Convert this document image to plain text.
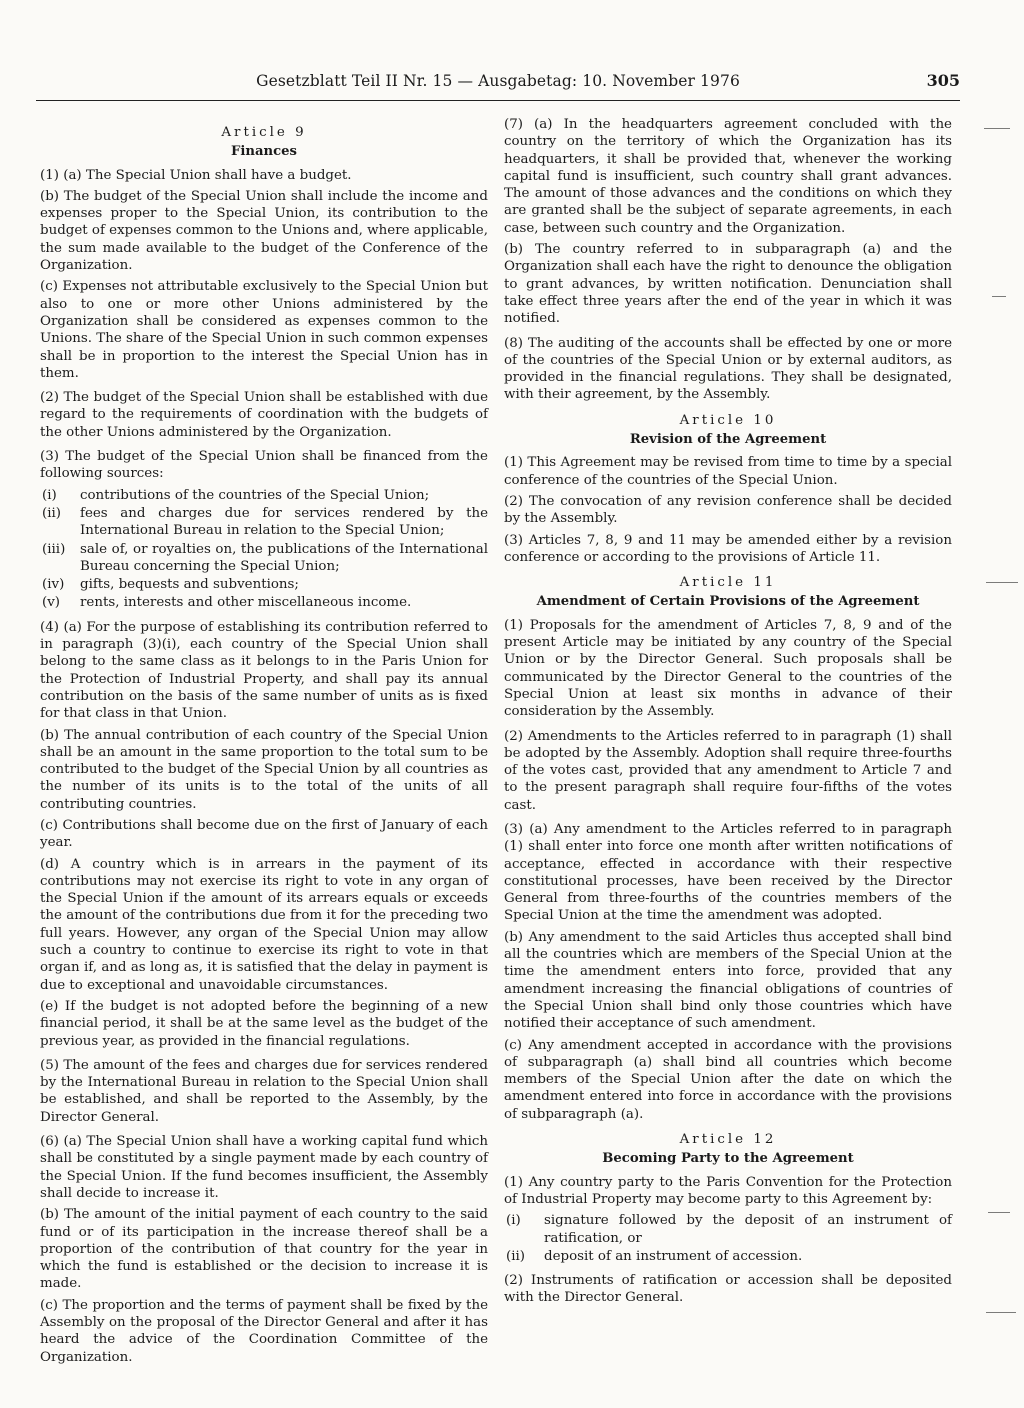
Gesetzblatt Teil II Nr. 15 — Ausgabetag: 10. November 1976	305
Article 9
Finances

(1) (a) The Special Union shall have a budget.

(b) The budget of the Special Union shall include the income and expenses proper to the Special Union, its contribution to the budget of expenses common to the Unions and, where applicable, the sum made available to the budget of the Conference of the Organization.

(c) Expenses not attributable exclusively to the Special Union but also to one or more other Unions administered by the Organization shall be considered as expenses common to the Unions. The share of the Special Union in such common expenses shall be in proportion to the interest the Special Union has in them.

(2) The budget of the Special Union shall be established with due regard to the requirements of coordination with the budgets of the other Unions administered by the Organization.

(3) The budget of the Special Union shall be financed from the following sources:

(i)	contributions of the countries of the Special Union;
(ii)	fees and charges due for services rendered by the International Bureau in relation to the Special Union;
(iii)	sale of, or royalties on, the publications of the International Bureau concerning the Special Union;
(iv)	gifts, bequests and subventions;
(v)	rents, interests and other miscellaneous income.

(4) (a) For the purpose of establishing its contribution referred to in paragraph (3)(i), each country of the Special Union shall belong to the same class as it belongs to in the Paris Union for the Protection of Industrial Property, and shall pay its annual contribution on the basis of the same number of units as is fixed for that class in that Union.

(b) The annual contribution of each country of the Special Union shall be an amount in the same proportion to the total sum to be contributed to the budget of the Special Union by all countries as the number of its units is to the total of the units of all contributing countries.

(c) Contributions shall become due on the first of January of each year.

(d) A country which is in arrears in the payment of its contributions may not exercise its right to vote in any organ of the Special Union if the amount of its arrears equals or exceeds the amount of the contributions due from it for the preceding two full years. However, any organ of the Special Union may allow such a country to continue to exercise its right to vote in that organ if, and as long as, it is satisfied that the delay in payment is due to exceptional and unavoidable circumstances.

(e) If the budget is not adopted before the beginning of a new financial period, it shall be at the same level as the budget of the previous year, as provided in the financial regulations.

(5) The amount of the fees and charges due for services rendered by the International Bureau in relation to the Special Union shall be established, and shall be reported to the Assembly, by the Director General.

(6) (a) The Special Union shall have a working capital fund which shall be constituted by a single payment made by each country of the Special Union. If the fund becomes insufficient, the Assembly shall decide to increase it.

(b) The amount of the initial payment of each country to the said fund or of its participation in the increase thereof shall be a proportion of the contribution of that country for the year in which the fund is established or the decision to increase it is made.

(c) The proportion and the terms of payment shall be fixed by the Assembly on the proposal of the Director General and after it has heard the advice of the Coordination Committee of the Organization.

(7) (a) In the headquarters agreement concluded with the country on the territory of which the Organization has its headquarters, it shall be provided that, whenever the working capital fund is insufficient, such country shall grant advances. The amount of those advances and the conditions on which they are granted shall be the subject of separate agreements, in each case, between such country and the Organization.

(b) The country referred to in subparagraph (a) and the Organization shall each have the right to denounce the obligation to grant advances, by written notification. Denunciation shall take effect three years after the end of the year in which it was notified.

(8) The auditing of the accounts shall be effected by one or more of the countries of the Special Union or by external auditors, as provided in the financial regulations. They shall be designated, with their agreement, by the Assembly.

Article 10
Revision of the Agreement

(1) This Agreement may be revised from time to time by a special conference of the countries of the Special Union.

(2) The convocation of any revision conference shall be decided by the Assembly.

(3) Articles 7, 8, 9 and 11 may be amended either by a revision conference or according to the provisions of Article 11.

Article 11
Amendment of Certain Provisions of the Agreement

(1) Proposals for the amendment of Articles 7, 8, 9 and of the present Article may be initiated by any country of the Special Union or by the Director General. Such proposals shall be communicated by the Director General to the countries of the Special Union at least six months in advance of their consideration by the Assembly.

(2) Amendments to the Articles referred to in paragraph (1) shall be adopted by the Assembly. Adoption shall require three-fourths of the votes cast, provided that any amendment to Article 7 and to the present paragraph shall require four-fifths of the votes cast.

(3) (a) Any amendment to the Articles referred to in paragraph (1) shall enter into force one month after written notifications of acceptance, effected in accordance with their respective constitutional processes, have been received by the Director General from three-fourths of the countries members of the Special Union at the time the amendment was adopted.

(b) Any amendment to the said Articles thus accepted shall bind all the countries which are members of the Special Union at the time the amendment enters into force, provided that any amendment increasing the financial obligations of countries of the Special Union shall bind only those countries which have notified their acceptance of such amendment.

(c) Any amendment accepted in accordance with the provisions of subparagraph (a) shall bind all countries which become members of the Special Union after the date on which the amendment entered into force in accordance with the provisions of subparagraph (a).

Article 12
Becoming Party to the Agreement

(1) Any country party to the Paris Convention for the Protection of Industrial Property may become party to this Agreement by:

(i)	signature followed by the deposit of an instrument of ratification, or
(ii)	deposit of an instrument of accession.

(2) Instruments of ratification or accession shall be deposited with the Director General.
